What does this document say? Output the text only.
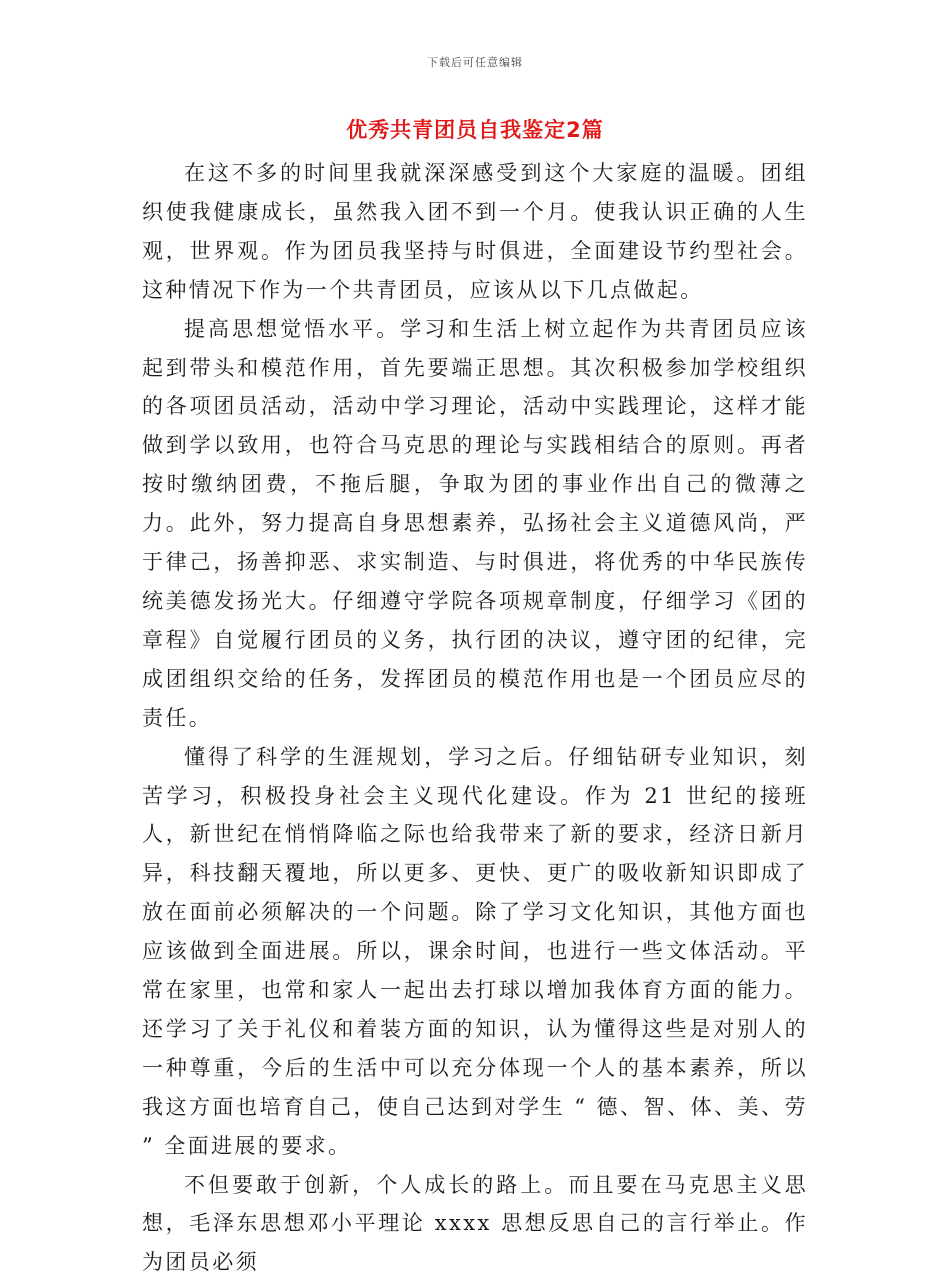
下载后可任意编辑
优秀共青团员自我鉴定2篇

在这不多的时间里我就深深感受到这个大家庭的温暖。团组织使我健康成长，虽然我入团不到一个月。使我认识正确的人生观，世界观。作为团员我坚持与时俱进，全面建设节约型社会。这种情况下作为一个共青团员，应该从以下几点做起。

提高思想觉悟水平。学习和生活上树立起作为共青团员应该起到带头和模范作用，首先要端正思想。其次积极参加学校组织的各项团员活动，活动中学习理论，活动中实践理论，这样才能做到学以致用，也符合马克思的理论与实践相结合的原则。再者按时缴纳团费，不拖后腿，争取为团的事业作出自己的微薄之力。此外，努力提高自身思想素养，弘扬社会主义道德风尚，严于律己，扬善抑恶、求实制造、与时俱进，将优秀的中华民族传统美德发扬光大。仔细遵守学院各项规章制度，仔细学习《团的章程》自觉履行团员的义务，执行团的决议，遵守团的纪律，完成团组织交给的任务，发挥团员的模范作用也是一个团员应尽的责任。

懂得了科学的生涯规划，学习之后。仔细钻研专业知识，刻苦学习，积极投身社会主义现代化建设。作为 21 世纪的接班人，新世纪在悄悄降临之际也给我带来了新的要求，经济日新月异，科技翻天覆地，所以更多、更快、更广的吸收新知识即成了放在面前必须解决的一个问题。除了学习文化知识，其他方面也应该做到全面进展。所以，课余时间，也进行一些文体活动。平常在家里，也常和家人一起出去打球以增加我体育方面的能力。还学习了关于礼仪和着装方面的知识，认为懂得这些是对别人的一种尊重，今后的生活中可以充分体现一个人的基本素养，所以我这方面也培育自己，使自己达到对学生 “ 德、智、体、美、劳 ” 全面进展的要求。

不但要敢于创新，个人成长的路上。而且要在马克思主义思想，毛泽东思想邓小平理论 xxxx 思想反思自己的言行举止。作为团员必须
